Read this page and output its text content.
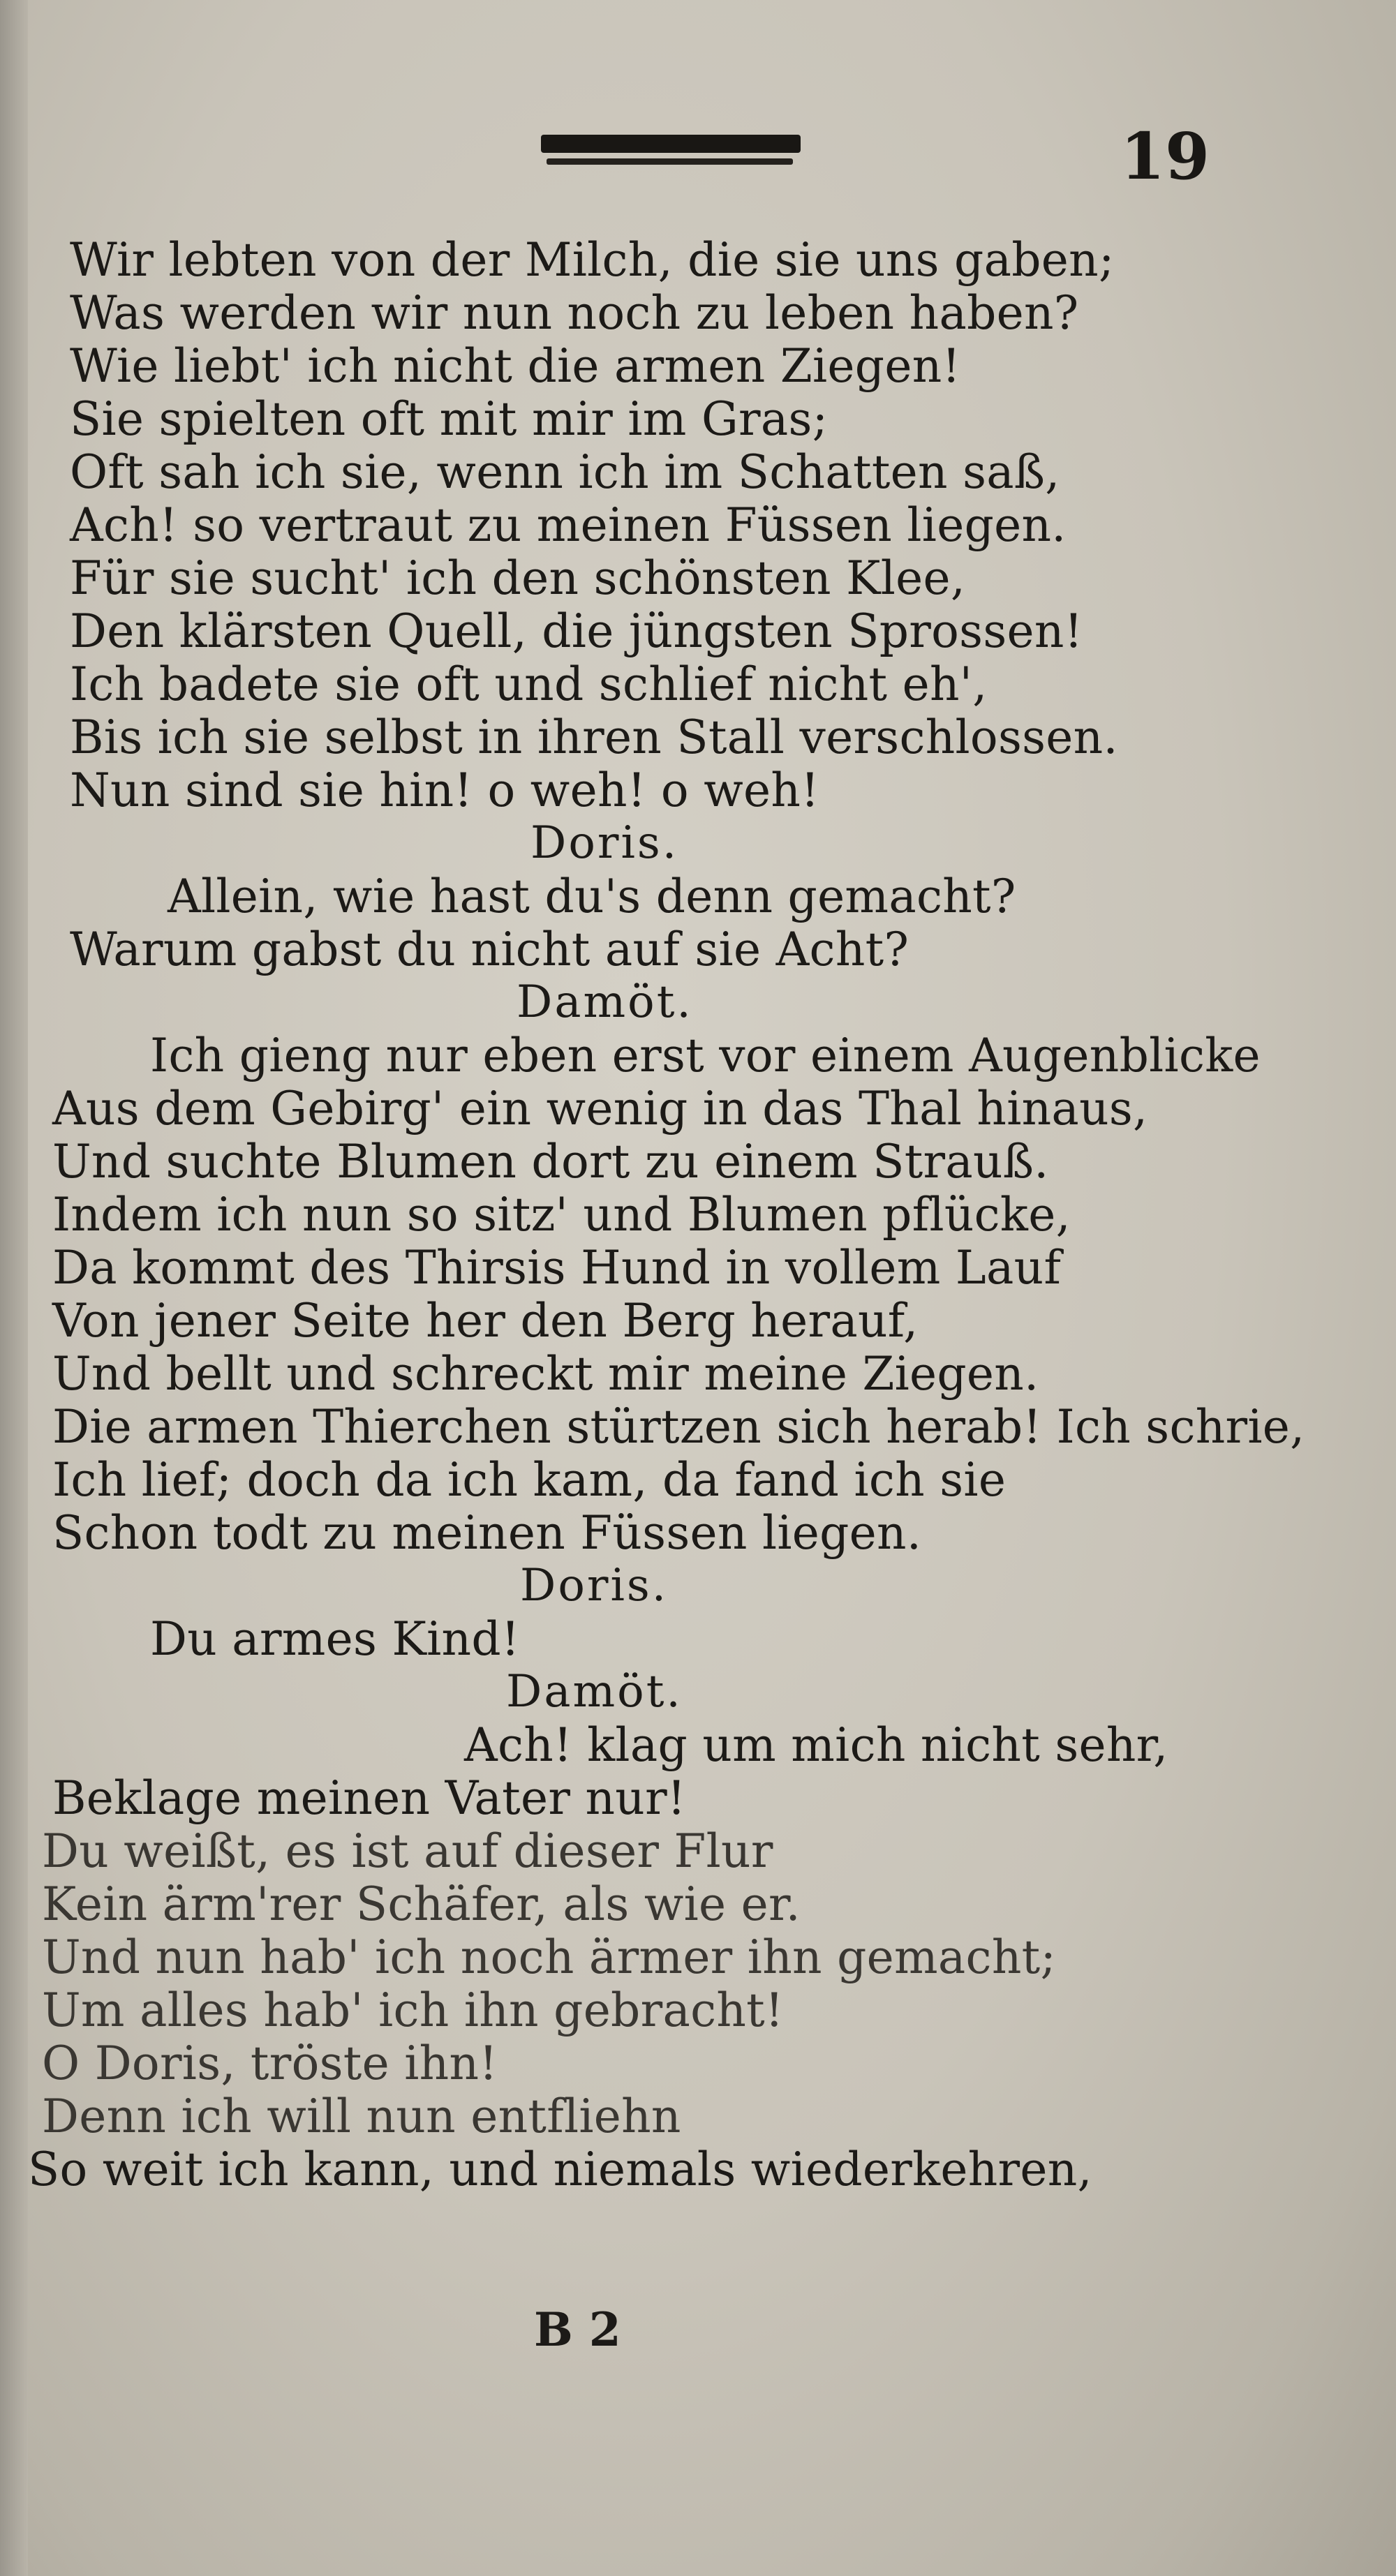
19
Wir lebten von der Milch, die sie uns gaben;
Was werden wir nun noch zu leben haben?
Wie liebt' ich nicht die armen Ziegen!
Sie spielten oft mit mir im Gras;
Oft sah ich sie, wenn ich im Schatten saß,
Ach! so vertraut zu meinen Füssen liegen.
Für sie sucht' ich den schönsten Klee,
Den klärsten Quell, die jüngsten Sprossen!
Ich badete sie oft und schlief nicht eh',
Bis ich sie selbst in ihren Stall verschlossen.
Nun sind sie hin! o weh! o weh!
Doris.
Allein, wie hast du's denn gemacht?
Warum gabst du nicht auf sie Acht?
Damöt.
Ich gieng nur eben erst vor einem Augenblicke
Aus dem Gebirg' ein wenig in das Thal hinaus,
Und suchte Blumen dort zu einem Strauß.
Indem ich nun so sitz' und Blumen pflücke,
Da kommt des Thirsis Hund in vollem Lauf
Von jener Seite her den Berg herauf,
Und bellt und schreckt mir meine Ziegen.
Die armen Thierchen stürtzen sich herab! Ich schrie,
Ich lief; doch da ich kam, da fand ich sie
Schon todt zu meinen Füssen liegen.
Doris.
Du armes Kind!
Damöt.
Ach! klag um mich nicht sehr,
Beklage meinen Vater nur!
Du weißt, es ist auf dieser Flur
Kein ärm'rer Schäfer, als wie er.
Und nun hab' ich noch ärmer ihn gemacht;
Um alles hab' ich ihn gebracht!
O Doris, tröste ihn!
Denn ich will nun entfliehn
So weit ich kann, und niemals wiederkehren,
B 2
